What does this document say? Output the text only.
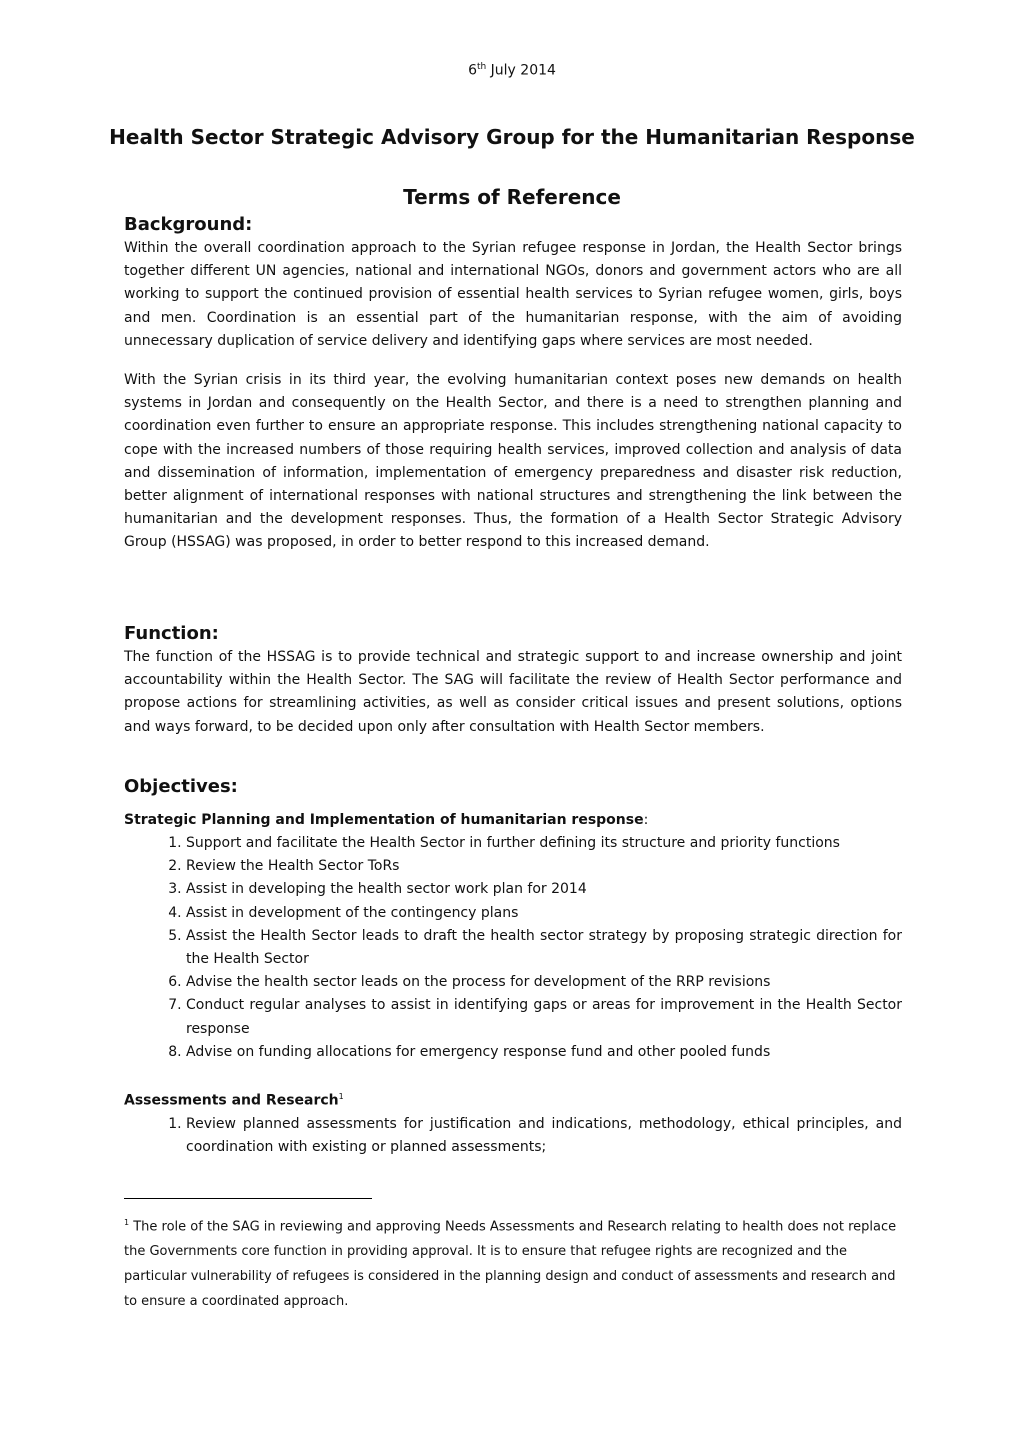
6th July 2014
Health Sector Strategic Advisory Group for the Humanitarian Response
Terms of Reference

Background:

Within the overall coordination approach to the Syrian refugee response in Jordan, the Health Sector brings together different UN agencies, national and international NGOs, donors and government actors who are all working to support the continued provision of essential health services to Syrian refugee women, girls, boys and men. Coordination is an essential part of the humanitarian response, with the aim of avoiding unnecessary duplication of service delivery and identifying gaps where services are most needed.

With the Syrian crisis in its third year, the evolving humanitarian context poses new demands on health systems in Jordan and consequently on the Health Sector, and there is a need to strengthen planning and coordination even further to ensure an appropriate response. This includes strengthening national capacity to cope with the increased numbers of those requiring health services, improved collection and analysis of data and dissemination of information, implementation of emergency preparedness and disaster risk reduction, better alignment of international responses with national structures and strengthening the link between the humanitarian and the development responses. Thus, the formation of a Health Sector Strategic Advisory Group (HSSAG) was proposed, in order to better respond to this increased demand.

Function:

The function of the HSSAG is to provide technical and strategic support to and increase ownership and joint accountability within the Health Sector. The SAG will facilitate the review of Health Sector performance and propose actions for streamlining activities, as well as consider critical issues and present solutions, options and ways forward, to be decided upon only after consultation with Health Sector members.

Objectives:

Strategic Planning and Implementation of humanitarian response:

1. Support and facilitate the Health Sector in further defining its structure and priority functions
2. Review the Health Sector ToRs
3. Assist in developing the health sector work plan for 2014
4. Assist in development of the contingency plans
5. Assist the Health Sector leads to draft the health sector strategy by proposing strategic direction for the Health Sector
6. Advise the health sector leads on the process for development of the RRP revisions
7. Conduct regular analyses to assist in identifying gaps or areas for improvement in the Health Sector response
8. Advise on funding allocations for emergency response fund and other pooled funds

Assessments and Research$^1$

1. Review planned assessments for justification and indications, methodology, ethical principles, and coordination with existing or planned assessments;
$^1$ The role of the SAG in reviewing and approving Needs Assessments and Research relating to health does not replace the Governments core function in providing approval. It is to ensure that refugee rights are recognized and the particular vulnerability of refugees is considered in the planning design and conduct of assessments and research and to ensure a coordinated approach.
